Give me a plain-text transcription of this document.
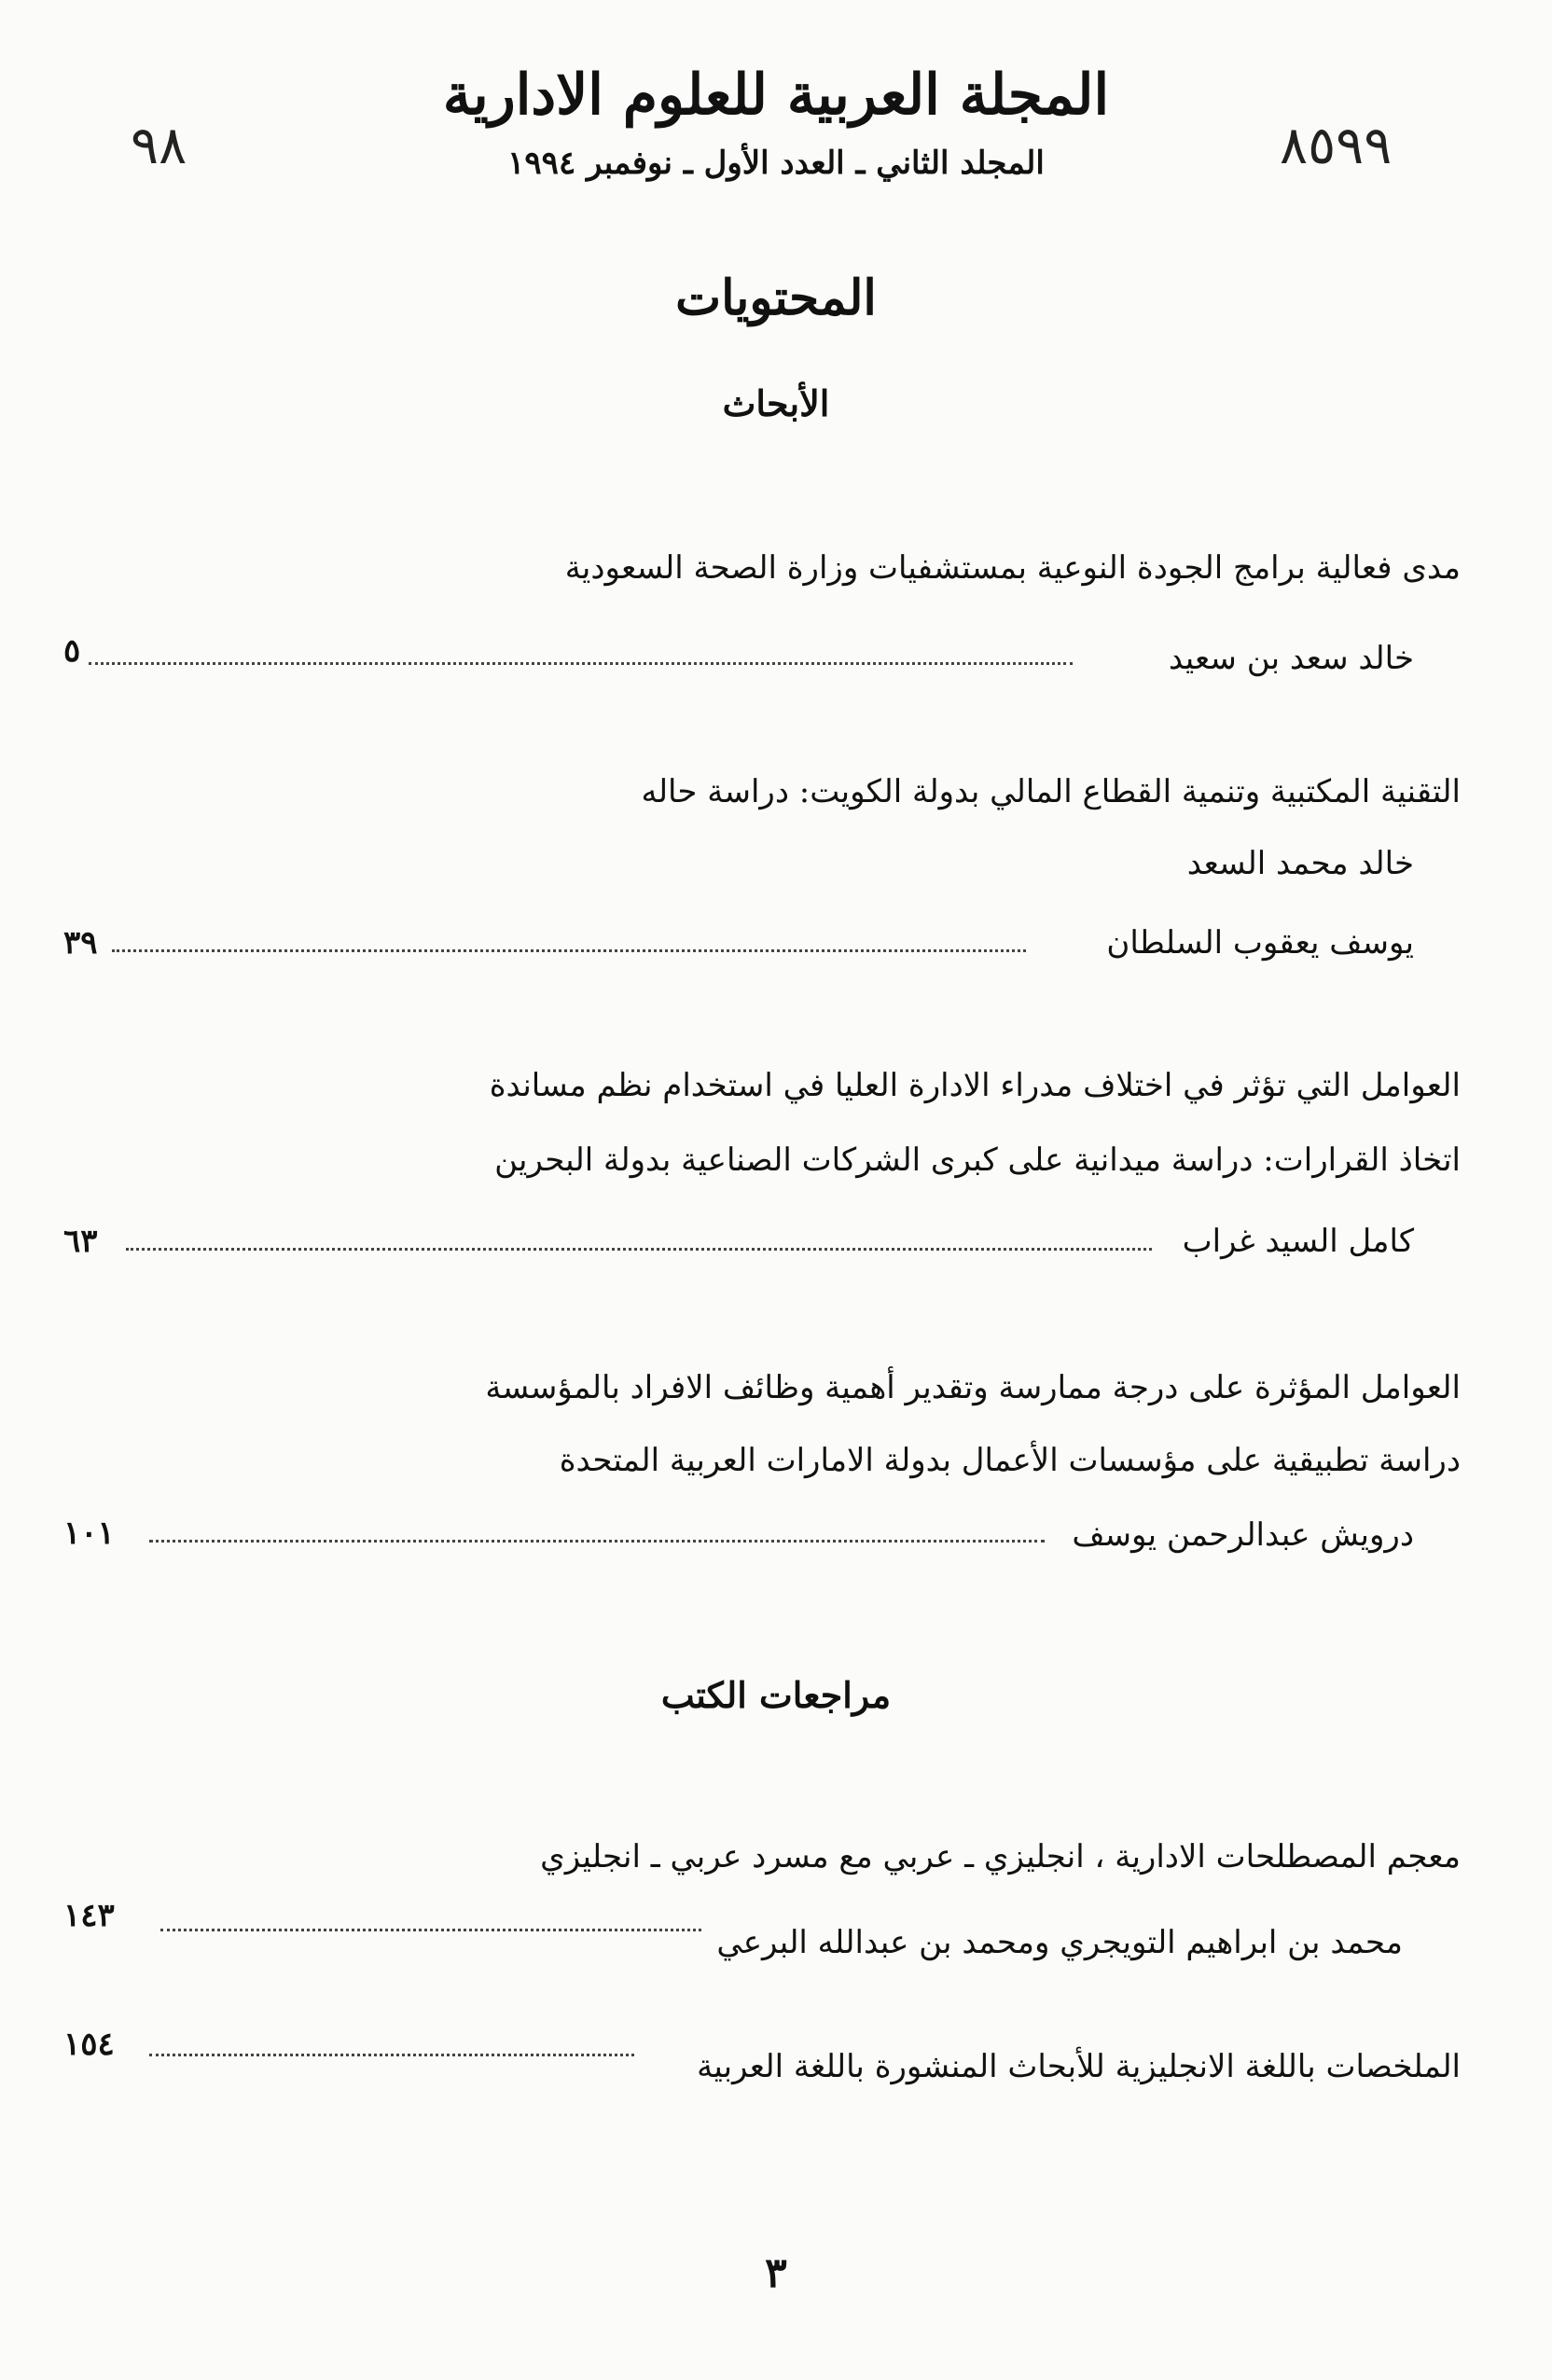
المجلة العربية للعلوم الادارية
المجلد الثاني ـ العدد الأول ـ نوفمبر ١٩٩٤
٩٨	٨٥٩٩
المحتويات
الأبحاث
مدى فعالية برامج الجودة النوعية بمستشفيات وزارة الصحة السعودية
خالد سعد بن سعيد
٥
التقنية المكتبية وتنمية القطاع المالي بدولة الكويت: دراسة حاله
خالد محمد السعد
يوسف يعقوب السلطان
٣٩
العوامل التي تؤثر في اختلاف مدراء الادارة العليا في استخدام نظم مساندة
اتخاذ القرارات: دراسة ميدانية على كبرى الشركات الصناعية بدولة البحرين
كامل السيد غراب
٦٣
العوامل المؤثرة على درجة ممارسة وتقدير أهمية وظائف الافراد بالمؤسسة
دراسة تطبيقية على مؤسسات الأعمال بدولة الامارات العربية المتحدة
درويش عبدالرحمن يوسف
١٠١
مراجعات الكتب
معجم المصطلحات الادارية ، انجليزي ـ عربي مع مسرد عربي ـ انجليزي
محمد بن ابراهيم التويجري ومحمد بن عبدالله البرعي
١٤٣
الملخصات باللغة الانجليزية للأبحاث المنشورة باللغة العربية
١٥٤
٣
